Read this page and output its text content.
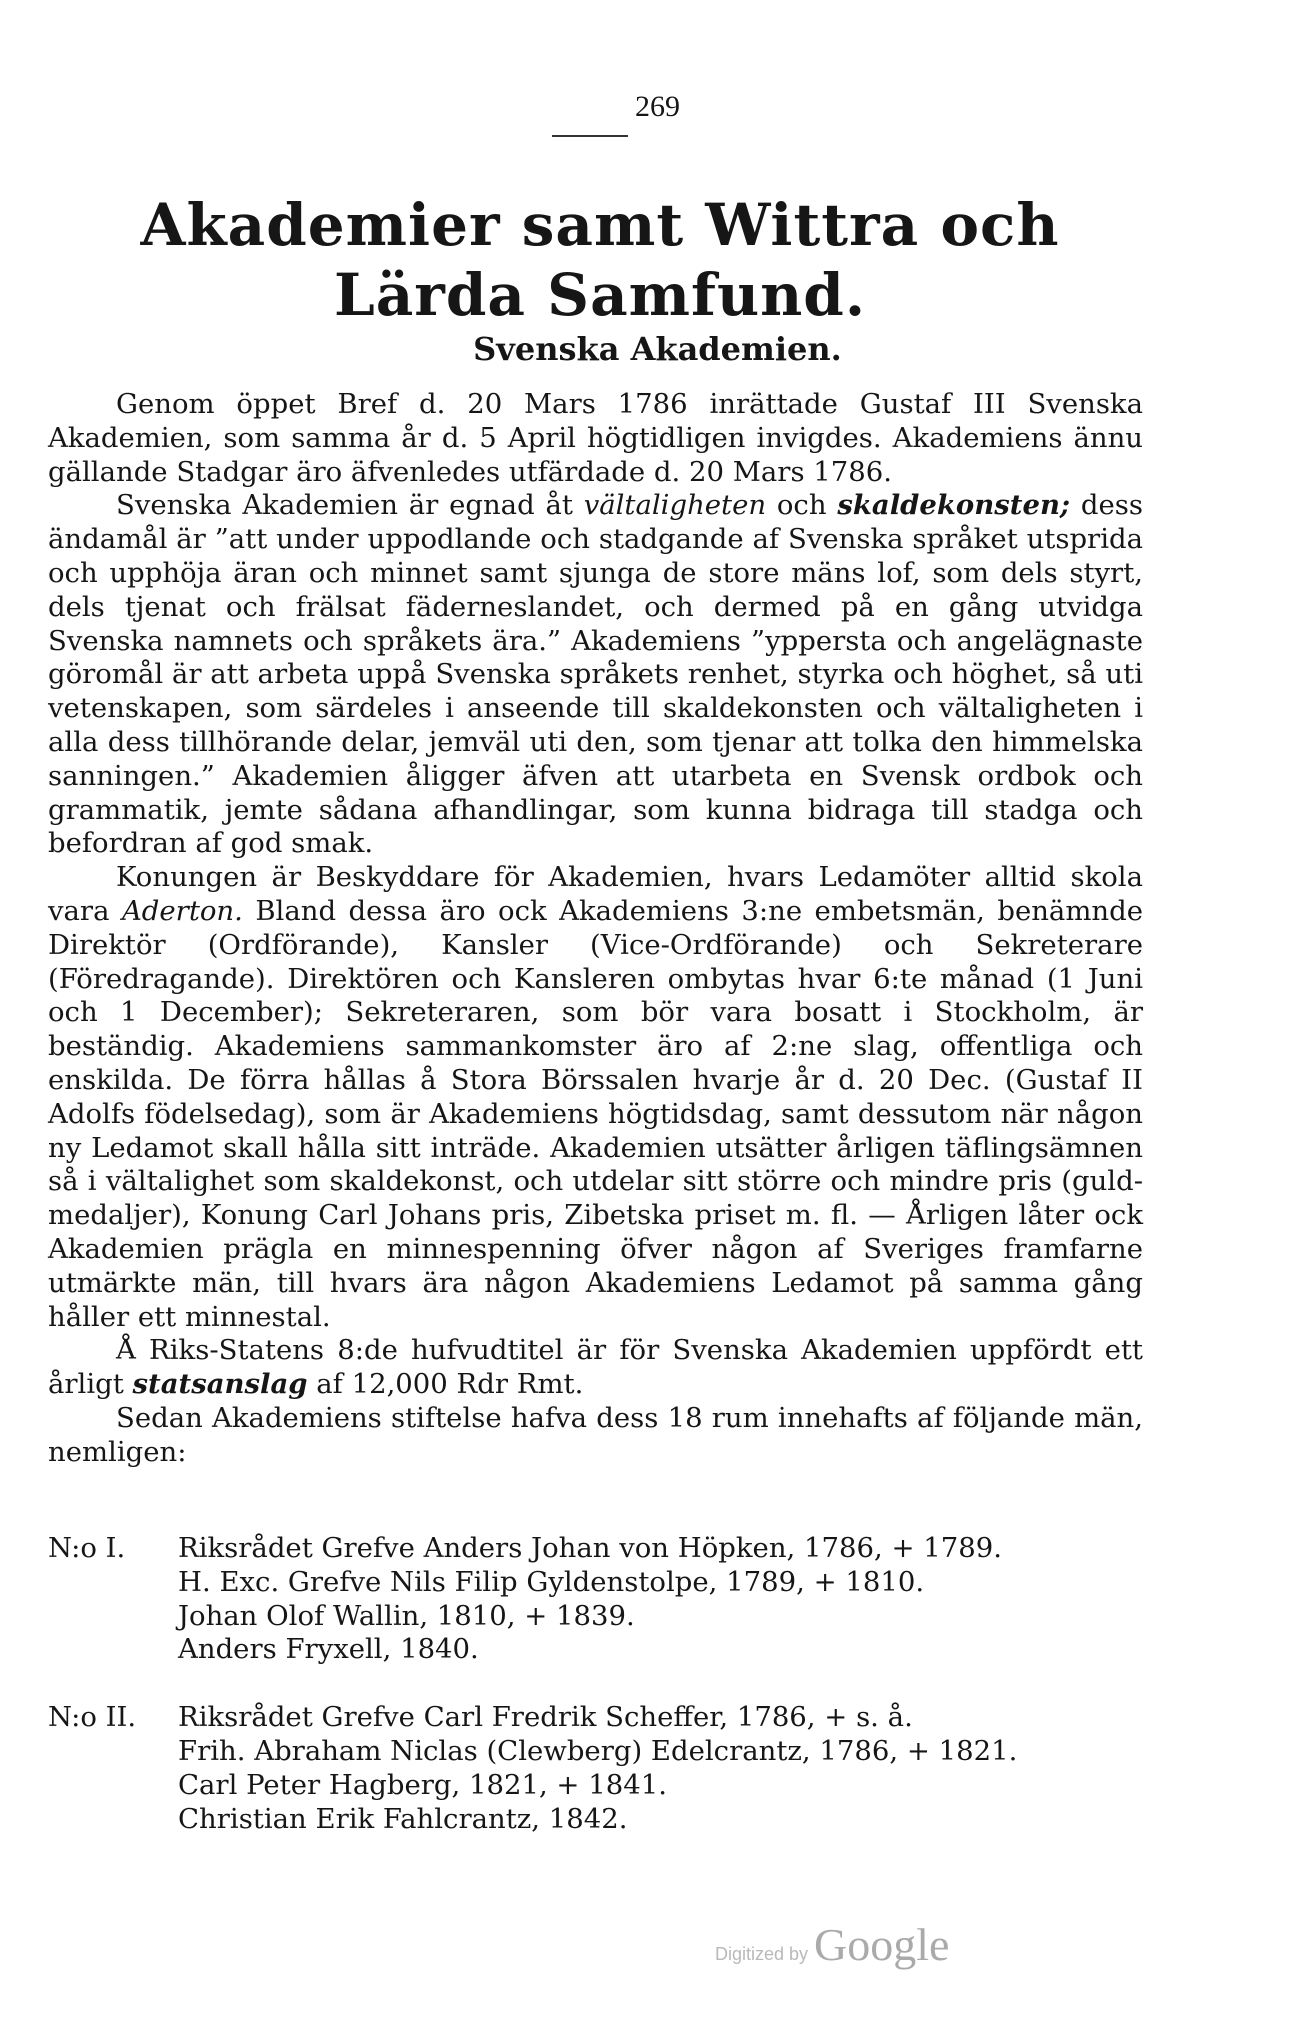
269
Akademier samt Wittra och Lärda Samfund.
Svenska Akademien.

Genom öppet Bref d. 20 Mars 1786 inrättade Gustaf III Svenska Akademien, som samma år d. 5 April högtidligen invigdes. Akademiens ännu gällande Stadgar äro äfvenledes utfärdade d. 20 Mars 1786.

Svenska Akademien är egnad åt vältaligheten och skaldekonsten; dess ändamål är ”att under uppodlande och stadgande af Svenska språket utsprida och upphöja äran och minnet samt sjunga de store mäns lof, som dels styrt, dels tjenat och frälsat fäderneslandet, och dermed på en gång utvidga Svenska namnets och språkets ära.” Akademiens ”yppersta och angelägnaste göromål är att arbeta uppå Svenska språkets renhet, styrka och höghet, så uti vetenskapen, som särdeles i anseende till skaldekonsten och vältaligheten i alla dess tillhörande delar, jemväl uti den, som tjenar att tolka den himmelska sanningen.” Akademien åligger äfven att utarbeta en Svensk ordbok och grammatik, jemte sådana afhandlingar, som kunna bidraga till stadga och befordran af god smak.

Konungen är Beskyddare för Akademien, hvars Ledamöter alltid skola vara Aderton. Bland dessa äro ock Akademiens 3:ne embetsmän, benämnde Direktör (Ordförande), Kansler (Vice-Ordförande) och Sekreterare (Föredragande). Direktören och Kansleren ombytas hvar 6:te månad (1 Juni och 1 December); Sekreteraren, som bör vara bosatt i Stockholm, är beständig. Akademiens sammankomster äro af 2:ne slag, offentliga och enskilda. De förra hållas å Stora Börssalen hvarje år d. 20 Dec. (Gustaf II Adolfs födelsedag), som är Akademiens högtidsdag, samt dessutom när någon ny Ledamot skall hålla sitt inträde. Akademien utsätter årligen täflingsämnen så i vältalighet som skaldekonst, och utdelar sitt större och mindre pris (guld-medaljer), Konung Carl Johans pris, Zibetska priset m. fl. — Årligen låter ock Akademien prägla en minnespenning öfver någon af Sveriges framfarne utmärkte män, till hvars ära någon Akademiens Ledamot på samma gång håller ett minnestal.

Å Riks-Statens 8:de hufvudtitel är för Svenska Akademien uppfördt ett årligt statsanslag af 12,000 Rdr Rmt.

Sedan Akademiens stiftelse hafva dess 18 rum innehafts af följande män, nemligen:

N:o I.	Riksrådet Grefve Anders Johan von Höpken, 1786, + 1789.
H. Exc. Grefve Nils Filip Gyldenstolpe, 1789, + 1810.
Johan Olof Wallin, 1810, + 1839.
Anders Fryxell, 1840.
N:o II.	Riksrådet Grefve Carl Fredrik Scheffer, 1786, + s. å.
Frih. Abraham Niclas (Clewberg) Edelcrantz, 1786, + 1821.
Carl Peter Hagberg, 1821, + 1841.
Christian Erik Fahlcrantz, 1842.
Digitized by Google
